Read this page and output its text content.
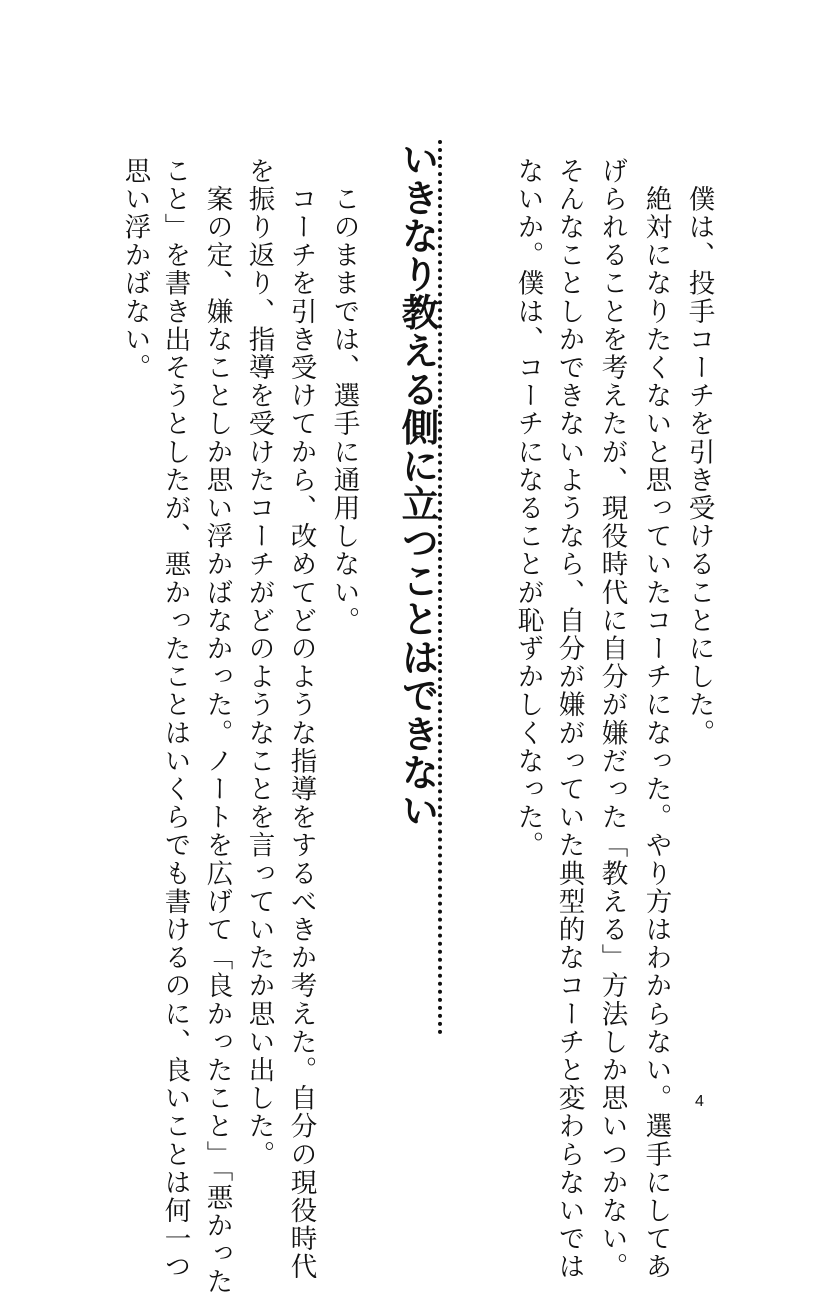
　僕は、投手コーチを引き受けることにした。
　絶対になりたくないと思っていたコーチになった。やり方はわからない。選手にしてあ
げられることを考えたが、現役時代に自分が嫌だった「教える」方法しか思いつかない。
そんなことしかできないようなら、自分が嫌がっていた典型的なコーチと変わらないでは
ないか。僕は、コーチになることが恥ずかしくなった。
いきなり教える側に立つことはできない
　このままでは、選手に通用しない。
　コーチを引き受けてから、改めてどのような指導をするべきか考えた。自分の現役時代
を振り返り、指導を受けたコーチがどのようなことを言っていたか思い出した。
　案の定、嫌なことしか思い浮かばなかった。ノートを広げて「良かったこと」「悪かった
こと」を書き出そうとしたが、悪かったことはいくらでも書けるのに、良いことは何一つ
思い浮かばない。
4
